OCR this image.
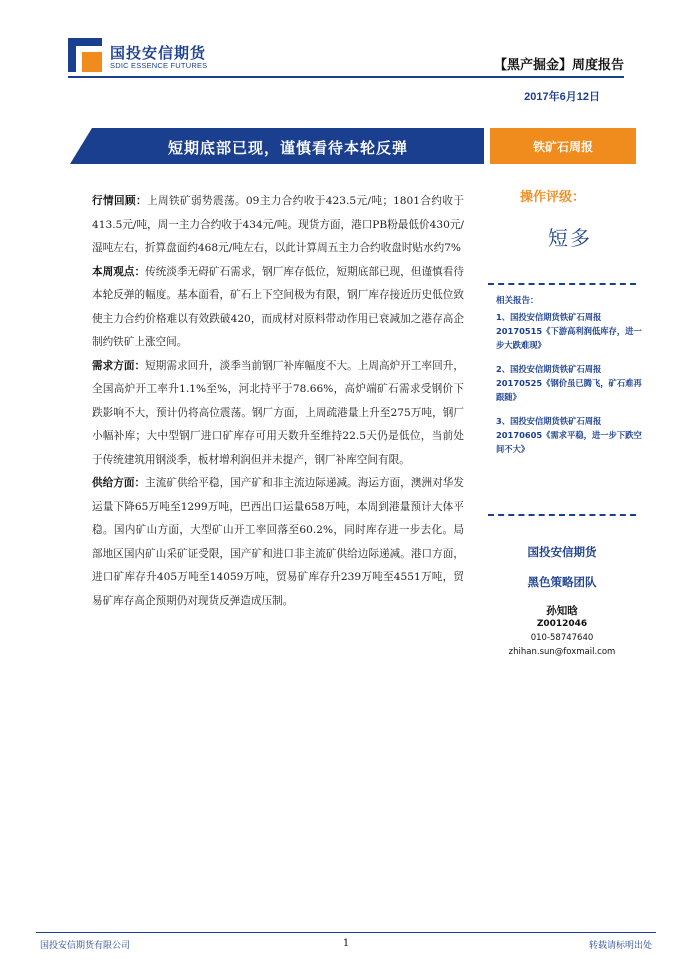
国投安信期货
SDIC ESSENCE FUTURES	【黑产掘金】周度报告
2017年6月12日
短期底部已现，谨慎看待本轮反弹	铁矿石周报

行情回顾：上周铁矿弱势震荡。09主力合约收于423.5元/吨；1801合约收于413.5元/吨，周一主力合约收于434元/吨。现货方面，港口PB粉最低价430元/湿吨左右，折算盘面约468元/吨左右，以此计算周五主力合约收盘时贴水约7%

本周观点：传统淡季无碍矿石需求，钢厂库存低位，短期底部已现，但谨慎看待本轮反弹的幅度。基本面看，矿石上下空间极为有限，钢厂库存接近历史低位致使主力合约价格难以有效跌破420，而成材对原料带动作用已衰减加之港存高企制约铁矿上涨空间。

需求方面：短期需求回升，淡季当前钢厂补库幅度不大。上周高炉开工率回升，全国高炉开工率升1.1%至%，河北持平于78.66%，高炉端矿石需求受钢价下跌影响不大，预计仍将高位震荡。钢厂方面，上周疏港量上升至275万吨，钢厂小幅补库；大中型钢厂进口矿库存可用天数升至维持22.5天仍是低位，当前处于传统建筑用钢淡季，板材增利润但并未提产，钢厂补库空间有限。

供给方面：主流矿供给平稳，国产矿和非主流边际递减。海运方面，澳洲对华发运量下降65万吨至1299万吨，巴西出口运量658万吨，本周到港量预计大体平稳。国内矿山方面，大型矿山开工率回落至60.2%，同时库存进一步去化。局部地区国内矿山采矿证受限，国产矿和进口非主流矿供给边际递减。港口方面，进口矿库存升405万吨至14059万吨，贸易矿库存升239万吨至4551万吨，贸易矿库存高企预期仍对现货反弹造成压制。

操作评级：
短多
相关报告：
1、国投安信期货铁矿石周报20170515《下游高利润低库存，进一步大跌难现》
2、国投安信期货铁矿石周报20170525《钢价虽已腾飞，矿石难再跟随》
3、国投安信期货铁矿石周报20170605《需求平稳，进一步下跌空间不大》
国投安信期货
黑色策略团队
孙知晗
Z0012046
010-58747640
zhihan.sun@foxmail.com
国投安信期货有限公司	1	转载请标明出处
